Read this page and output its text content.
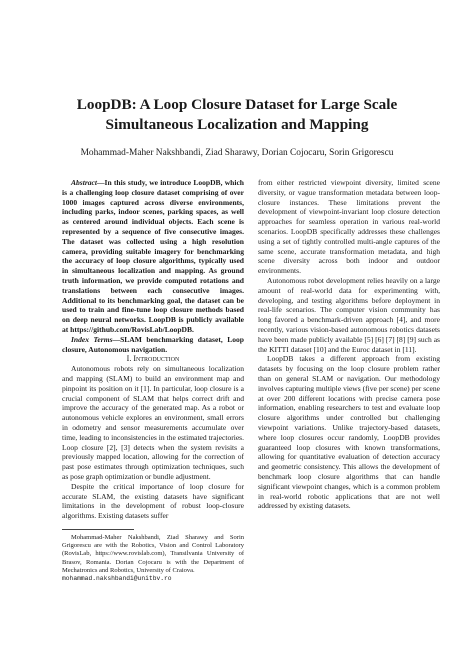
LoopDB: A Loop Closure Dataset for Large Scale Simultaneous Localization and Mapping
Mohammad-Maher Nakshbandi, Ziad Sharawy, Dorian Cojocaru, Sorin Grigorescu

Abstract—In this study, we introduce LoopDB, which is a challenging loop closure dataset comprising of over 1000 images captured across diverse environments, including parks, indoor scenes, parking spaces, as well as centered around individual objects. Each scene is represented by a sequence of five consecutive images. The dataset was collected using a high resolution camera, providing suitable imagery for benchmarking the accuracy of loop closure algorithms, typically used in simultaneous localization and mapping. As ground truth information, we provide computed rotations and translations between each consecutive images. Additional to its benchmarking goal, the dataset can be used to train and fine-tune loop closure methods based on deep neural networks. LoopDB is publicly available at https://github.com/RovisLab/LoopDB.

Index Terms—SLAM benchmarking dataset, Loop closure, Autonomous navigation.

I. Introduction

Autonomous robots rely on simultaneous localization and mapping (SLAM) to build an environment map and pinpoint its position on it [1]. In particular, loop closure is a crucial component of SLAM that helps correct drift and improve the accuracy of the generated map. As a robot or autonomous vehicle explores an environment, small errors in odometry and sensor measurements accumulate over time, leading to inconsistencies in the estimated trajectories. Loop closure [2], [3] detects when the system revisits a previously mapped location, allowing for the correction of past pose estimates through optimization techniques, such as pose graph optimization or bundle adjustment.

Despite the critical importance of loop closure for accurate SLAM, the existing datasets have significant limitations in the development of robust loop-closure algorithms. Existing datasets suffer

Mohammad-Maher Nakshbandi, Ziad Sharawy and Sorin Grigorescu are with the Robotics, Vision and Control Laboratory (RovisLab, https://www.rovislab.com), Transilvania University of Brasov, Romania. Dorian Cojocaru is with the Department of Mechatronics and Robotics, University of Craiova.
mohammad.nakshbandi@unitbv.ro

from either restricted viewpoint diversity, limited scene diversity, or vague transformation metadata between loop-closure instances. These limitations prevent the development of viewpoint-invariant loop closure detection approaches for seamless operation in various real-world scenarios. LoopDB specifically addresses these challenges using a set of tightly controlled multi-angle captures of the same scene, accurate transformation metadata, and high scene diversity across both indoor and outdoor environments.

Autonomous robot development relies heavily on a large amount of real-world data for experimenting with, developing, and testing algorithms before deployment in real-life scenarios. The computer vision community has long favored a benchmark-driven approach [4], and more recently, various vision-based autonomous robotics datasets have been made publicly available [5] [6] [7] [8] [9] such as the KITTI dataset [10] and the Euroc dataset in [11].

LoopDB takes a different approach from existing datasets by focusing on the loop closure problem rather than on general SLAM or navigation. Our methodology involves capturing multiple views (five per scene) per scene at over 200 different locations with precise camera pose information, enabling researchers to test and evaluate loop closure algorithms under controlled but challenging viewpoint variations. Unlike trajectory-based datasets, where loop closures occur randomly, LoopDB provides guaranteed loop closures with known transformations, allowing for quantitative evaluation of detection accuracy and geometric consistency. This allows the development of benchmark loop closure algorithms that can handle significant viewpoint changes, which is a common problem in real-world robotic applications that are not well addressed by existing datasets.
